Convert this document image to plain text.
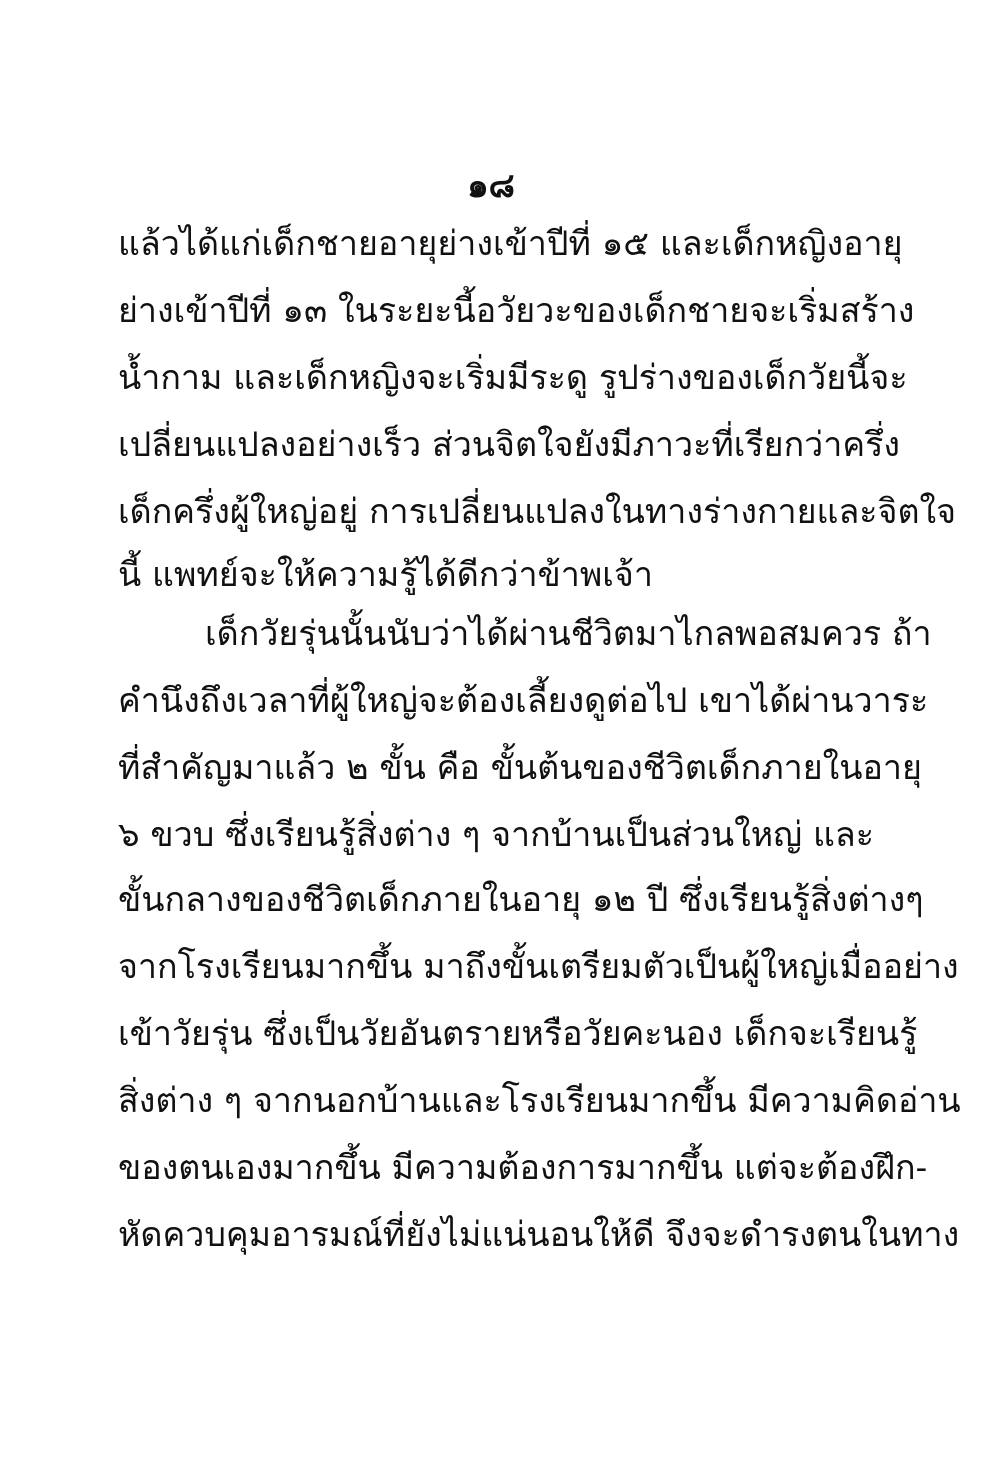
๑๘
แล้วได้แก่เด็กชายอายุย่างเข้าปีที่ ๑๕ และเด็กหญิงอายุ
ย่างเข้าปีที่ ๑๓ ในระยะนี้อวัยวะของเด็กชายจะเริ่มสร้าง
น้ำกาม และเด็กหญิงจะเริ่มมีระดู รูปร่างของเด็กวัยนี้จะ
เปลี่ยนแปลงอย่างเร็ว ส่วนจิตใจยังมีภาวะที่เรียกว่าครึ่ง
เด็กครึ่งผู้ใหญ่อยู่ การเปลี่ยนแปลงในทางร่างกายและจิตใจ
นี้ แพทย์จะให้ความรู้ได้ดีกว่าข้าพเจ้า
เด็กวัยรุ่นนั้นนับว่าได้ผ่านชีวิตมาไกลพอสมควร ถ้า
คำนึงถึงเวลาที่ผู้ใหญ่จะต้องเลี้ยงดูต่อไป เขาได้ผ่านวาระ
ที่สำคัญมาแล้ว ๒ ขั้น คือ ขั้นต้นของชีวิตเด็กภายในอายุ
๖ ขวบ ซึ่งเรียนรู้สิ่งต่าง ๆ จากบ้านเป็นส่วนใหญ่ และ
ขั้นกลางของชีวิตเด็กภายในอายุ ๑๒ ปี ซึ่งเรียนรู้สิ่งต่างๆ
จากโรงเรียนมากขึ้น มาถึงขั้นเตรียมตัวเป็นผู้ใหญ่เมื่ออย่าง
เข้าวัยรุ่น ซึ่งเป็นวัยอันตรายหรือวัยคะนอง เด็กจะเรียนรู้
สิ่งต่าง ๆ จากนอกบ้านและโรงเรียนมากขึ้น มีความคิดอ่าน
ของตนเองมากขึ้น มีความต้องการมากขึ้น แต่จะต้องฝึก-
หัดควบคุมอารมณ์ที่ยังไม่แน่นอนให้ดี จึงจะดำรงตนในทาง
